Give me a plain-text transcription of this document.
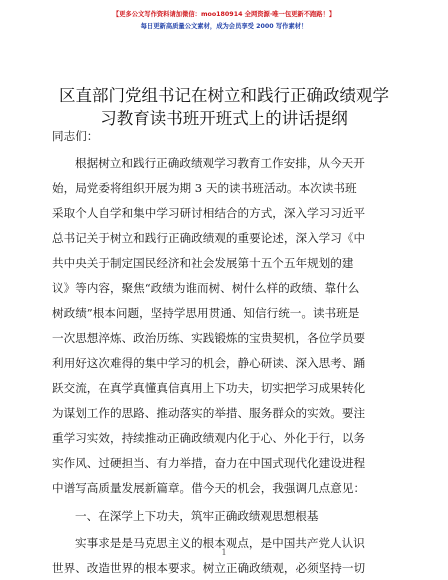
【更多公文写作资料请加微信：moo180914 全网资源·唯一包更新不跑路！】
每日更新高质量公文素材，成为会员享受 2000 写作素材！
区直部门党组书记在树立和践行正确政绩观学
习教育读书班开班式上的讲话提纲
同志们：
根据树立和践行正确政绩观学习教育工作安排，从今天开
始，局党委将组织开展为期 3 天的读书班活动。本次读书班
采取个人自学和集中学习研讨相结合的方式，深入学习习近平
总书记关于树立和践行正确政绩观的重要论述，深入学习《中
共中央关于制定国民经济和社会发展第十五个五年规划的建
议》等内容，聚焦“政绩为谁而树、树什么样的政绩、靠什么
树政绩”根本问题，坚持学思用贯通、知信行统一。读书班是
一次思想淬炼、政治历练、实践锻炼的宝贵契机，各位学员要
利用好这次难得的集中学习的机会，静心研读、深入思考、踊
跃交流，在真学真懂真信真用上下功夫，切实把学习成果转化
为谋划工作的思路、推动落实的举措、服务群众的实效。要注
重学习实效，持续推动正确政绩观内化于心、外化于行，以务
实作风、过硬担当、有力举措，奋力在中国式现代化建设进程
中谱写高质量发展新篇章。借今天的机会，我强调几点意见：
一、在深学上下功夫，筑牢正确政绩观思想根基
实事求是是马克思主义的根本观点，是中国共产党人认识
世界、改造世界的根本要求。树立正确政绩观，必须坚持一切
1
